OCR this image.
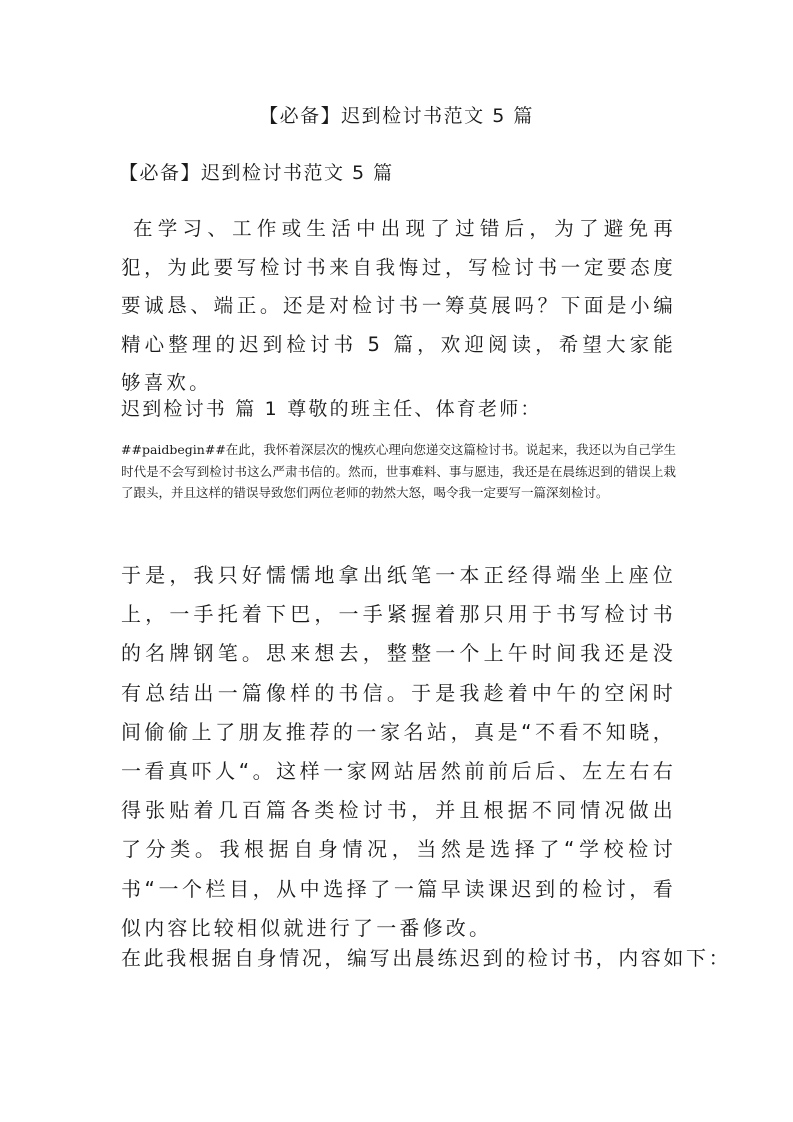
【必备】迟到检讨书范文 5 篇

【必备】迟到检讨书范文 5 篇

在学习、工作或生活中出现了过错后，为了避免再犯，为此要写检讨书来自我悔过，写检讨书一定要态度要诚恳、端正。还是对检讨书一筹莫展吗？下面是小编精心整理的迟到检讨书 5 篇，欢迎阅读，希望大家能够喜欢。

迟到检讨书 篇 1 尊敬的班主任、体育老师：

##paidbegin##在此，我怀着深层次的愧疚心理向您递交这篇检讨书。说起来，我还以为自己学生时代是不会写到检讨书这么严肃书信的。然而，世事难料、事与愿违，我还是在晨练迟到的错误上栽了跟头，并且这样的错误导致您们两位老师的勃然大怒，喝令我一定要写一篇深刻检讨。

于是，我只好懦懦地拿出纸笔一本正经得端坐上座位上，一手托着下巴，一手紧握着那只用于书写检讨书的名牌钢笔。思来想去，整整一个上午时间我还是没有总结出一篇像样的书信。于是我趁着中午的空闲时间偷偷上了朋友推荐的一家名站，真是“不看不知晓，一看真吓人“。这样一家网站居然前前后后、左左右右得张贴着几百篇各类检讨书，并且根据不同情况做出了分类。我根据自身情况，当然是选择了“学校检讨书“一个栏目，从中选择了一篇早读课迟到的检讨，看似内容比较相似就进行了一番修改。

在此我根据自身情况，编写出晨练迟到的检讨书，内容如下：
